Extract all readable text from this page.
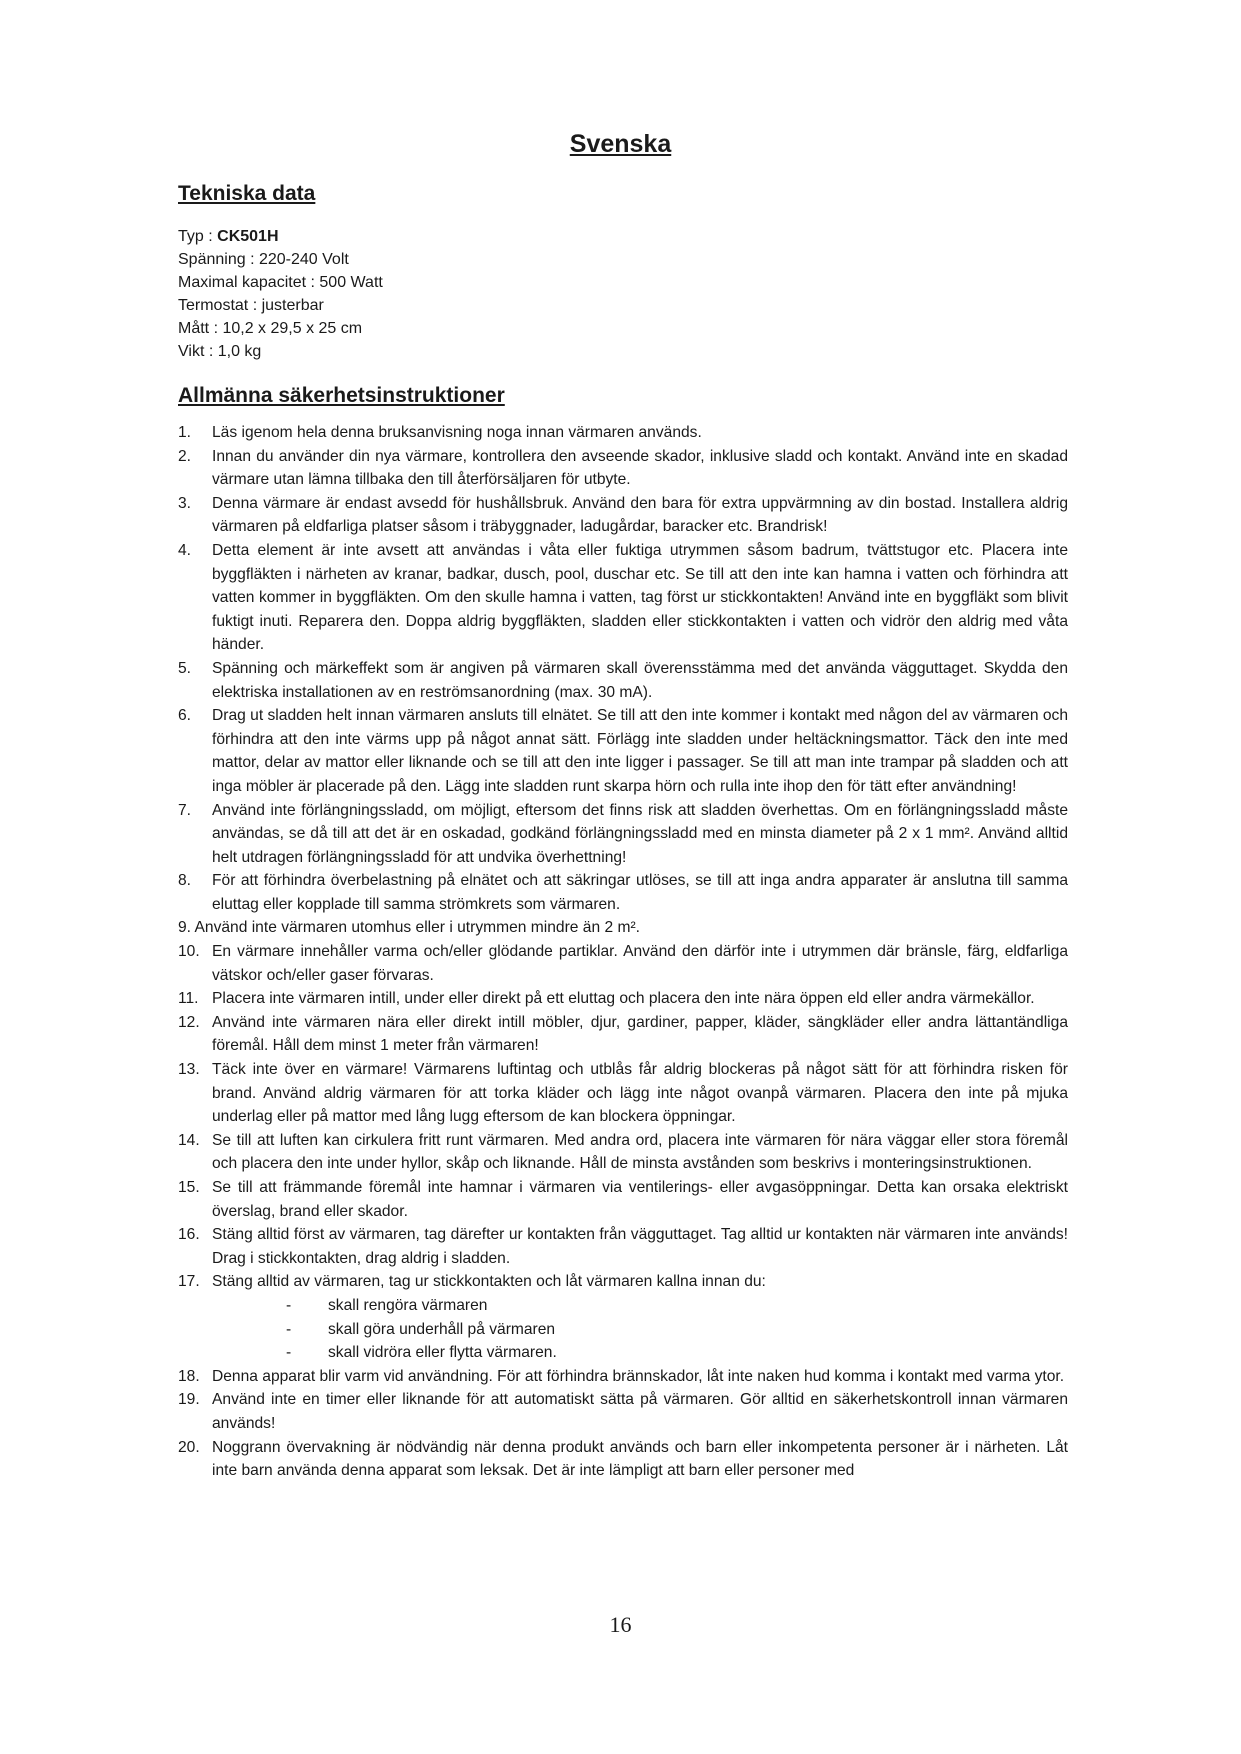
Svenska
Tekniska data
Typ : CK501H
Spänning : 220-240 Volt
Maximal kapacitet : 500 Watt
Termostat : justerbar
Mått : 10,2 x 29,5 x 25 cm
Vikt : 1,0 kg
Allmänna säkerhetsinstruktioner
1. Läs igenom hela denna bruksanvisning noga innan värmaren används.
2. Innan du använder din nya värmare, kontrollera den avseende skador, inklusive sladd och kontakt. Använd inte en skadad värmare utan lämna tillbaka den till återförsäljaren för utbyte.
3. Denna värmare är endast avsedd för hushållsbruk. Använd den bara för extra uppvärmning av din bostad. Installera aldrig värmaren på eldfarliga platser såsom i träbyggnader, ladugårdar, baracker etc. Brandrisk!
4. Detta element är inte avsett att användas i våta eller fuktiga utrymmen såsom badrum, tvättstugor etc. Placera inte byggfläkten i närheten av kranar, badkar, dusch, pool, duschar etc. Se till att den inte kan hamna i vatten och förhindra att vatten kommer in byggfläkten. Om den skulle hamna i vatten, tag först ur stickkontakten! Använd inte en byggfläkt som blivit fuktigt inuti. Reparera den. Doppa aldrig byggfläkten, sladden eller stickkontakten i vatten och vidrör den aldrig med våta händer.
5. Spänning och märkeffekt som är angiven på värmaren skall överensstämma med det använda vägguttaget. Skydda den elektriska installationen av en reströmsanordning (max. 30 mA).
6. Drag ut sladden helt innan värmaren ansluts till elnätet. Se till att den inte kommer i kontakt med någon del av värmaren och förhindra att den inte värms upp på något annat sätt. Förlägg inte sladden under heltäckningsmattor. Täck den inte med mattor, delar av mattor eller liknande och se till att den inte ligger i passager. Se till att man inte trampar på sladden och att inga möbler är placerade på den. Lägg inte sladden runt skarpa hörn och rulla inte ihop den för tätt efter användning!
7. Använd inte förlängningssladd, om möjligt, eftersom det finns risk att sladden överhettas. Om en förlängningssladd måste användas, se då till att det är en oskadad, godkänd förlängningssladd med en minsta diameter på 2 x 1 mm². Använd alltid helt utdragen förlängningssladd för att undvika överhettning!
8. För att förhindra överbelastning på elnätet och att säkringar utlöses, se till att inga andra apparater är anslutna till samma eluttag eller kopplade till samma strömkrets som värmaren.
9. Använd inte värmaren utomhus eller i utrymmen mindre än 2 m².
10. En värmare innehåller varma och/eller glödande partiklar. Använd den därför inte i utrymmen där bränsle, färg, eldfarliga vätskor och/eller gaser förvaras.
11. Placera inte värmaren intill, under eller direkt på ett eluttag och placera den inte nära öppen eld eller andra värmekällor.
12. Använd inte värmaren nära eller direkt intill möbler, djur, gardiner, papper, kläder, sängkläder eller andra lättantändliga föremål. Håll dem minst 1 meter från värmaren!
13. Täck inte över en värmare! Värmarens luftintag och utblås får aldrig blockeras på något sätt för att förhindra risken för brand. Använd aldrig värmaren för att torka kläder och lägg inte något ovanpå värmaren. Placera den inte på mjuka underlag eller på mattor med lång lugg eftersom de kan blockera öppningar.
14. Se till att luften kan cirkulera fritt runt värmaren. Med andra ord, placera inte värmaren för nära väggar eller stora föremål och placera den inte under hyllor, skåp och liknande. Håll de minsta avstånden som beskrivs i monteringsinstruktionen.
15. Se till att främmande föremål inte hamnar i värmaren via ventilerings- eller avgasöppningar. Detta kan orsaka elektriskt överslag, brand eller skador.
16. Stäng alltid först av värmaren, tag därefter ur kontakten från vägguttaget. Tag alltid ur kontakten när värmaren inte används! Drag i stickkontakten, drag aldrig i sladden.
17. Stäng alltid av värmaren, tag ur stickkontakten och låt värmaren kallna innan du:
- skall rengöra värmaren
- skall göra underhåll på värmaren
- skall vidröra eller flytta värmaren.
18. Denna apparat blir varm vid användning. För att förhindra brännskador, låt inte naken hud komma i kontakt med varma ytor.
19. Använd inte en timer eller liknande för att automatiskt sätta på värmaren. Gör alltid en säkerhetskontroll innan värmaren används!
20. Noggrann övervakning är nödvändig när denna produkt används och barn eller inkompetenta personer är i närheten. Låt inte barn använda denna apparat som leksak. Det är inte lämpligt att barn eller personer med
16
